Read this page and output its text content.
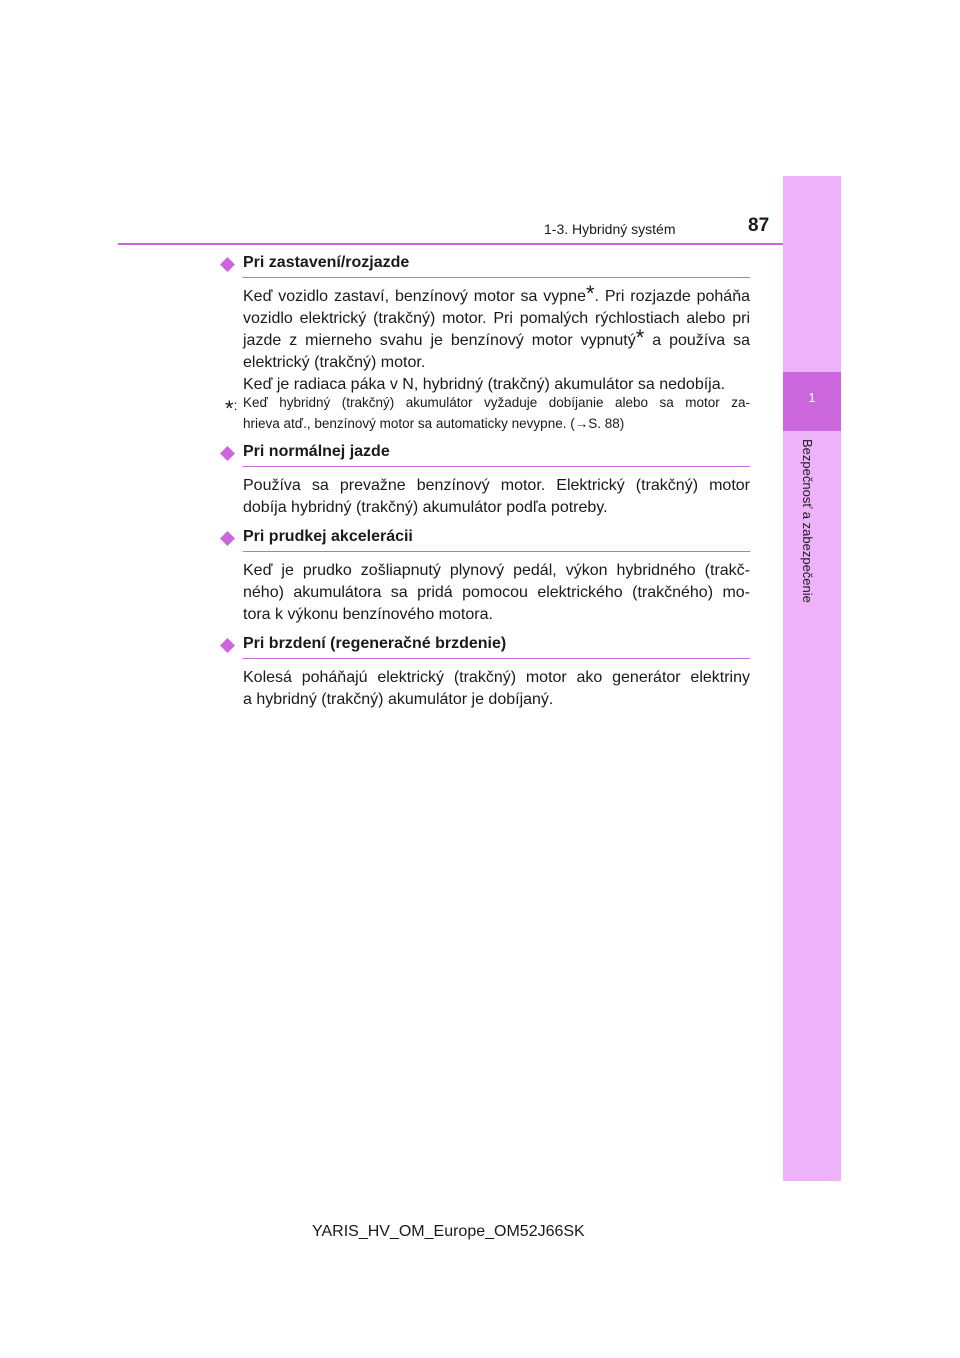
1-3. Hybridný systém	87
1
Bezpečnosť a zabezpečenie
Pri zastavení/rozjazde
Keď vozidlo zastaví, benzínový motor sa vypne*. Pri rozjazde poháňa
vozidlo elektrický (trakčný) motor. Pri pomalých rýchlostiach alebo pri
jazde z mierneho svahu je benzínový motor vypnutý* a používa sa
elektrický (trakčný) motor.
Keď je radiaca páka v N, hybridný (trakčný) akumulátor sa nedobíja.
*: Keď hybridný (trakčný) akumulátor vyžaduje dobíjanie alebo sa motor za-
hrieva atď., benzínový motor sa automaticky nevypne. (→S. 88)
Pri normálnej jazde
Používa sa prevažne benzínový motor. Elektrický (trakčný) motor
dobíja hybridný (trakčný) akumulátor podľa potreby.
Pri prudkej akcelerácii
Keď je prudko zošliapnutý plynový pedál, výkon hybridného (trakč-
ného) akumulátora sa pridá pomocou elektrického (trakčného) mo-
tora k výkonu benzínového motora.
Pri brzdení (regeneračné brzdenie)
Kolesá poháňajú elektrický (trakčný) motor ako generátor elektriny
a hybridný (trakčný) akumulátor je dobíjaný.
YARIS_HV_OM_Europe_OM52J66SK
